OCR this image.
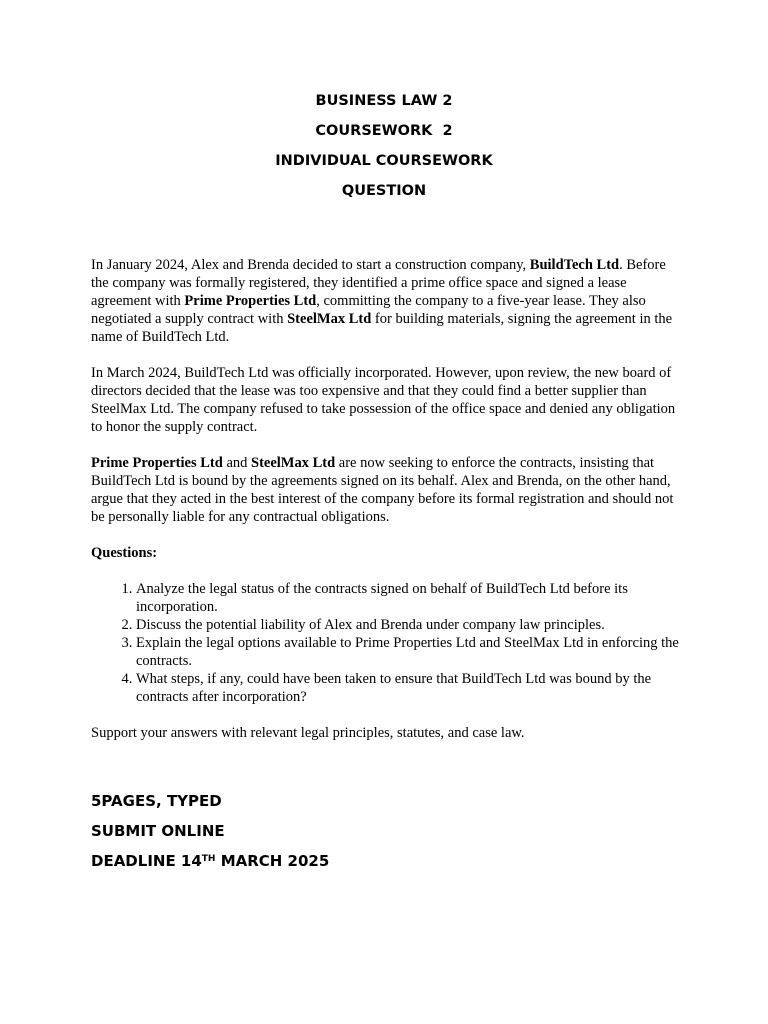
BUSINESS LAW 2
COURSEWORK  2
INDIVIDUAL COURSEWORK
QUESTION

In January 2024, Alex and Brenda decided to start a construction company, BuildTech Ltd. Before the company was formally registered, they identified a prime office space and signed a lease agreement with Prime Properties Ltd, committing the company to a five-year lease. They also negotiated a supply contract with SteelMax Ltd for building materials, signing the agreement in the name of BuildTech Ltd.

In March 2024, BuildTech Ltd was officially incorporated. However, upon review, the new board of directors decided that the lease was too expensive and that they could find a better supplier than SteelMax Ltd. The company refused to take possession of the office space and denied any obligation to honor the supply contract.

Prime Properties Ltd and SteelMax Ltd are now seeking to enforce the contracts, insisting that BuildTech Ltd is bound by the agreements signed on its behalf. Alex and Brenda, on the other hand, argue that they acted in the best interest of the company before its formal registration and should not be personally liable for any contractual obligations.

Questions:

1. Analyze the legal status of the contracts signed on behalf of BuildTech Ltd before its incorporation.
2. Discuss the potential liability of Alex and Brenda under company law principles.
3. Explain the legal options available to Prime Properties Ltd and SteelMax Ltd in enforcing the contracts.
4. What steps, if any, could have been taken to ensure that BuildTech Ltd was bound by the contracts after incorporation?

Support your answers with relevant legal principles, statutes, and case law.

5PAGES, TYPED
SUBMIT ONLINE
DEADLINE 14TH MARCH 2025
